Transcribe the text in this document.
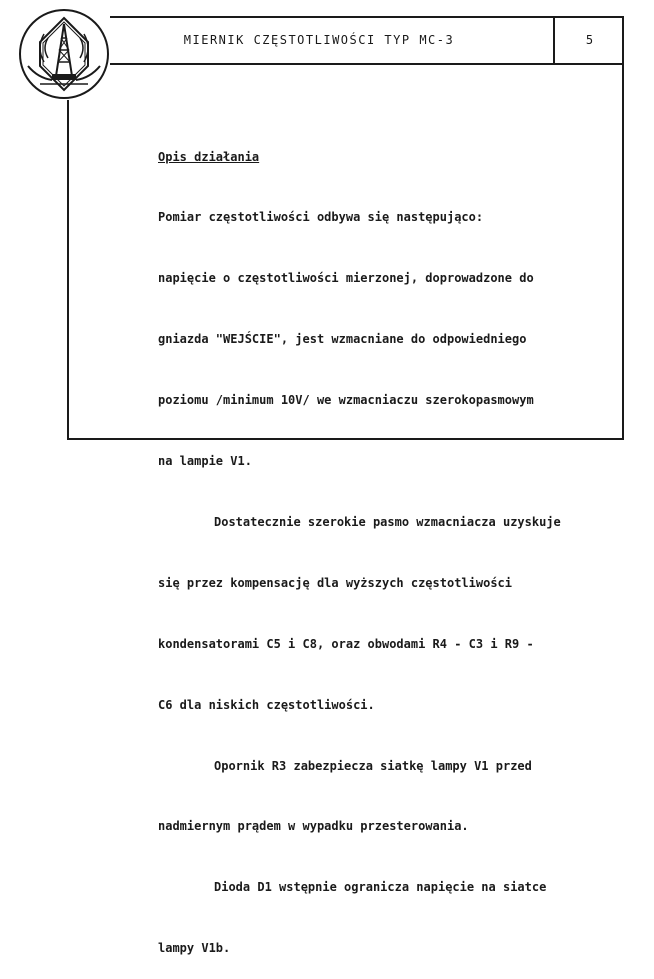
MIERNIK CZĘSTOTLIWOŚCI TYP MC-3	5

Opis działania

Pomiar częstotliwości odbywa się następująco:

napięcie o częstotliwości mierzonej, doprowadzone do

gniazda "WEJŚCIE", jest wzmacniane do odpowiedniego

poziomu /minimum 10V/ we wzmacniaczu szerokopasmowym

na lampie V1.

Dostatecznie szerokie pasmo wzmacniacza uzyskuje

się przez kompensację dla wyższych częstotliwości

kondensatorami C5 i C8, oraz obwodami R4 - C3 i R9 -

C6 dla niskich częstotliwości.

Opornik R3 zabezpiecza siatkę lampy V1 przed

nadmiernym prądem w wypadku przesterowania.

Dioda D1 wstępnie ogranicza napięcie na siatce

lampy V1b.
